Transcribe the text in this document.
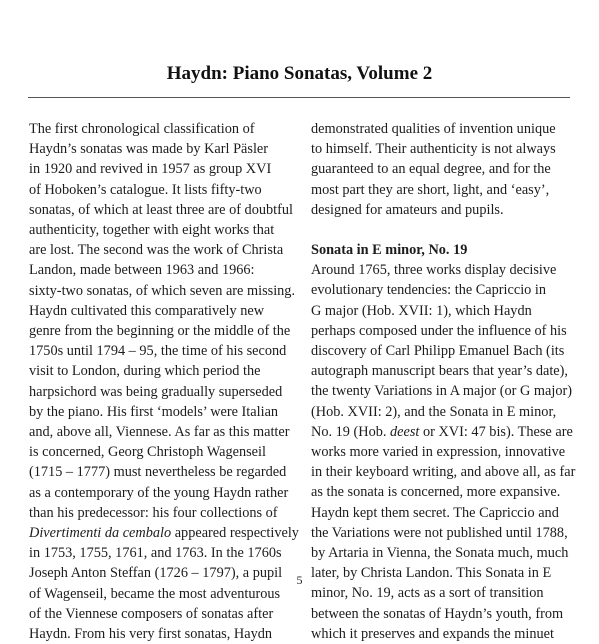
Haydn: Piano Sonatas, Volume 2
The first chronological classification of
Haydn’s sonatas was made by Karl Päsler
in 1920 and revived in 1957 as group XVI
of Hoboken’s catalogue. It lists fifty-two
sonatas, of which at least three are of doubtful
authenticity, together with eight works that
are lost. The second was the work of Christa
Landon, made between 1963 and 1966:
sixty-two sonatas, of which seven are missing.
Haydn cultivated this comparatively new
genre from the beginning or the middle of the
1750s until 1794 – 95, the time of his second
visit to London, during which period the
harpsichord was being gradually superseded
by the piano. His first ‘models’ were Italian
and, above all, Viennese. As far as this matter
is concerned, Georg Christoph Wagenseil
(1715 – 1777) must nevertheless be regarded
as a contemporary of the young Haydn rather
than his predecessor: his four collections of
Divertimenti da cembalo appeared respectively
in 1753, 1755, 1761, and 1763. In the 1760s
Joseph Anton Steffan (1726 – 1797), a pupil
of Wagenseil, became the most adventurous
of the Viennese composers of sonatas after
Haydn. From his very first sonatas, Haydn
demonstrated qualities of invention unique
to himself. Their authenticity is not always
guaranteed to an equal degree, and for the
most part they are short, light, and ‘easy’,
designed for amateurs and pupils.
Sonata in E minor, No. 19
Around 1765, three works display decisive
evolutionary tendencies: the Capriccio in
G major (Hob. XVII: 1), which Haydn
perhaps composed under the influence of his
discovery of Carl Philipp Emanuel Bach (its
autograph manuscript bears that year’s date),
the twenty Variations in A major (or G major)
(Hob. XVII: 2), and the Sonata in E minor,
No. 19 (Hob. deest or XVI: 47 bis). These are
works more varied in expression, innovative
in their keyboard writing, and above all, as far
as the sonata is concerned, more expansive.
Haydn kept them secret. The Capriccio and
the Variations were not published until 1788,
by Artaria in Vienna, the Sonata much, much
later, by Christa Landon. This Sonata in E
minor, No. 19, acts as a sort of transition
between the sonatas of Haydn’s youth, from
which it preserves and expands the minuet
5
